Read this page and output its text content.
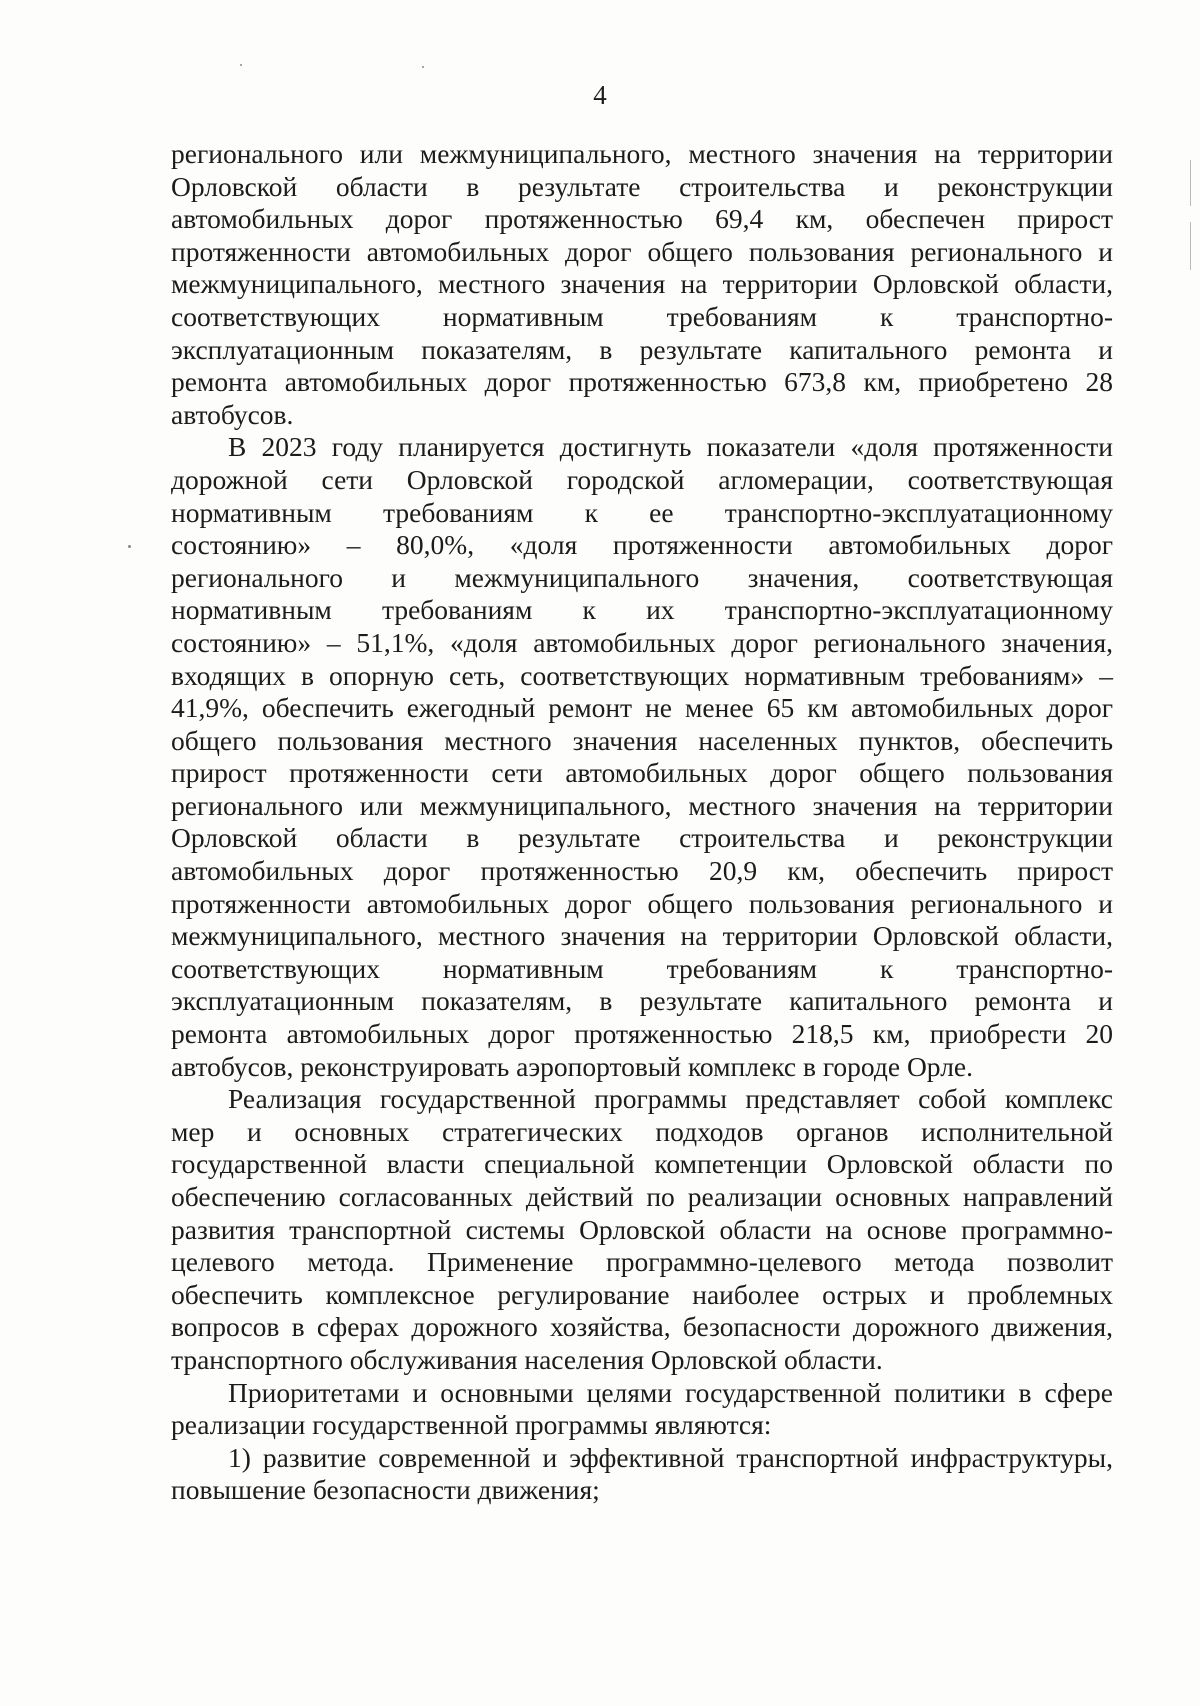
4

регионального или межмуниципального, местного значения на территории
Орловской области в результате строительства и реконструкции
автомобильных дорог протяженностью 69,4 км, обеспечен прирост
протяженности автомобильных дорог общего пользования регионального и
межмуниципального, местного значения на территории Орловской области,
соответствующих нормативным требованиям к транспортно-
эксплуатационным показателям, в результате капитального ремонта и
ремонта автомобильных дорог протяженностью 673,8 км, приобретено 28
автобусов.

В 2023 году планируется достигнуть показатели «доля протяженности
дорожной сети Орловской городской агломерации, соответствующая
нормативным требованиям к ее транспортно-эксплуатационному
состоянию» – 80,0%, «доля протяженности автомобильных дорог
регионального и межмуниципального значения, соответствующая
нормативным требованиям к их транспортно-эксплуатационному
состоянию» – 51,1%, «доля автомобильных дорог регионального значения,
входящих в опорную сеть, соответствующих нормативным требованиям» –
41,9%, обеспечить ежегодный ремонт не менее 65 км автомобильных дорог
общего пользования местного значения населенных пунктов, обеспечить
прирост протяженности сети автомобильных дорог общего пользования
регионального или межмуниципального, местного значения на территории
Орловской области в результате строительства и реконструкции
автомобильных дорог протяженностью 20,9 км, обеспечить прирост
протяженности автомобильных дорог общего пользования регионального и
межмуниципального, местного значения на территории Орловской области,
соответствующих нормативным требованиям к транспортно-
эксплуатационным показателям, в результате капитального ремонта и
ремонта автомобильных дорог протяженностью 218,5 км, приобрести 20
автобусов, реконструировать аэропортовый комплекс в городе Орле.

Реализация государственной программы представляет собой комплекс
мер и основных стратегических подходов органов исполнительной
государственной власти специальной компетенции Орловской области по
обеспечению согласованных действий по реализации основных направлений
развития транспортной системы Орловской области на основе программно-
целевого метода. Применение программно-целевого метода позволит
обеспечить комплексное регулирование наиболее острых и проблемных
вопросов в сферах дорожного хозяйства, безопасности дорожного движения,
транспортного обслуживания населения Орловской области.

Приоритетами и основными целями государственной политики в сфере
реализации государственной программы являются:

1) развитие современной и эффективной транспортной инфраструктуры,
повышение безопасности движения;
